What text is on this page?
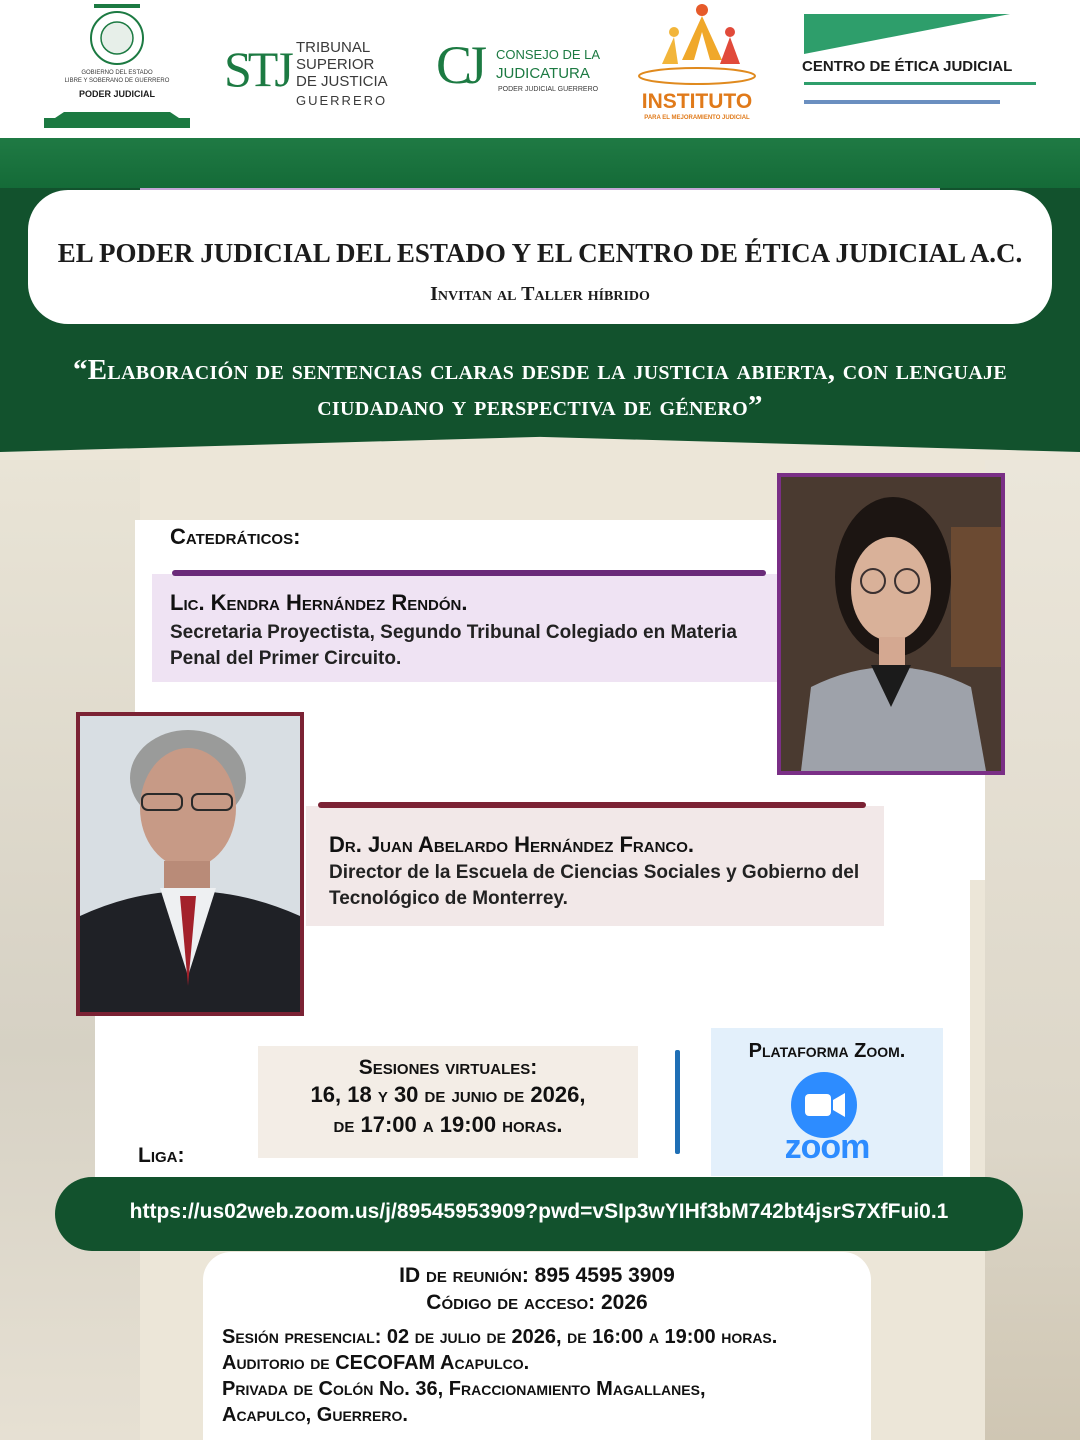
GOBIERNO DEL ESTADO
LIBRE Y SOBERANO DE GUERRERO
PODER JUDICIAL	STJ TRIBUNAL
SUPERIOR
DE JUSTICIA
GUERRERO
CJ CONSEJO DE LA
JUDICATURA
PODER JUDICIAL GUERRERO
INSTITUTO
PARA EL MEJORAMIENTO JUDICIAL
CENTRO DE ÉTICA JUDICIAL
EL PODER JUDICIAL DEL ESTADO Y EL CENTRO DE ÉTICA JUDICIAL A.C.
Invitan al Taller híbrido
“Elaboración de sentencias claras desde la justicia abierta, con lenguaje ciudadano y perspectiva de género”
Catedráticos:
Lic. Kendra Hernández Rendón.
Secretaria Proyectista, Segundo Tribunal Colegiado en Materia Penal del Primer Circuito.
Dr. Juan Abelardo Hernández Franco.
Director de la Escuela de Ciencias Sociales y Gobierno del Tecnológico de Monterrey.
Sesiones virtuales:
16, 18 y 30 de junio de 2026,
de 17:00 a 19:00 horas.
Plataforma Zoom.
zoom
Liga:
https://us02web.zoom.us/j/89545953909?pwd=vSIp3wYIHf3bM742bt4jsrS7XfFui0.1
ID de reunión: 895 4595 3909
Código de acceso: 2026
Sesión presencial: 02 de julio de 2026, de 16:00 a 19:00 horas.
Auditorio de CECOFAM Acapulco.
Privada de Colón No. 36, Fraccionamiento Magallanes,
Acapulco, Guerrero.
